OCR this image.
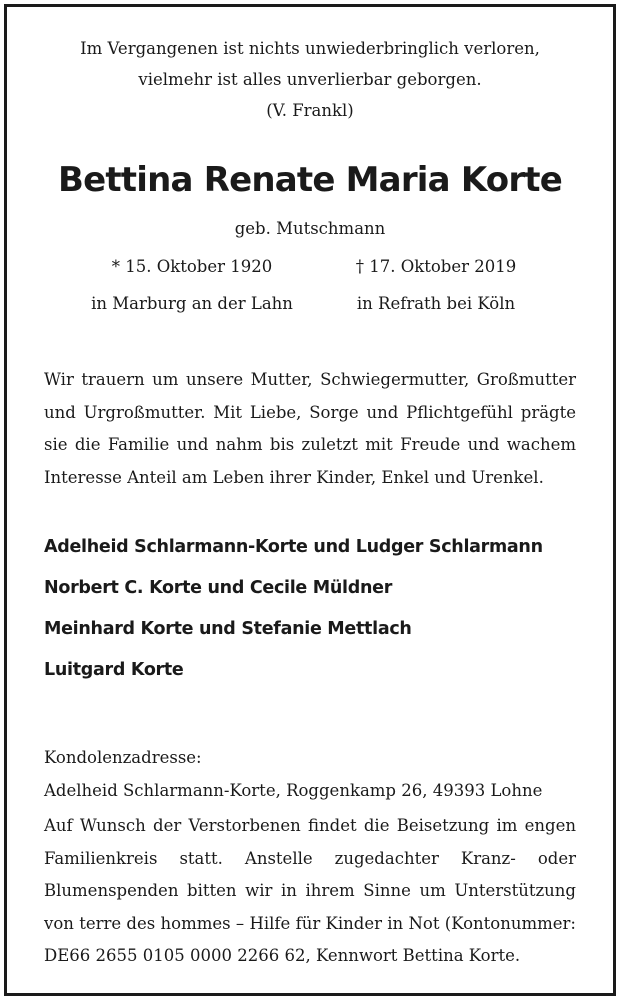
Im Vergangenen ist nichts unwiederbringlich verloren,
vielmehr ist alles unverlierbar geborgen.
(V. Frankl)
Bettina Renate Maria Korte
geb. Mutschmann
* 15. Oktober 1920	† 17. Oktober 2019
in Marburg an der Lahn	in Refrath bei Köln

Wir trauern um unsere Mutter, Schwiegermutter, Großmutter und Urgroßmutter. Mit Liebe, Sorge und Pflichtgefühl prägte sie die Familie und nahm bis zuletzt mit Freude und wachem Interesse Anteil am Leben ihrer Kinder, Enkel und Urenkel.

Adelheid Schlarmann-Korte und Ludger Schlarmann
Norbert C. Korte und Cecile Müldner
Meinhard Korte und Stefanie Mettlach
Luitgard Korte
Kondolenzadresse:
Adelheid Schlarmann-Korte, Roggenkamp 26, 49393 Lohne

Auf Wunsch der Verstorbenen findet die Beisetzung im engen Familienkreis statt. Anstelle zugedachter Kranz- oder Blumenspenden bitten wir in ihrem Sinne um Unterstützung von terre des hommes – Hilfe für Kinder in Not (Kontonummer: DE66 2655 0105 0000 2266 62, Kennwort Bettina Korte.
